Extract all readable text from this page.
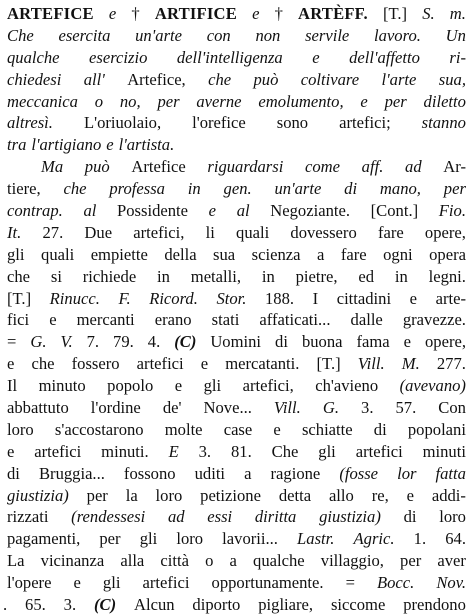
ARTEFICE e † ARTIFICE e † ARTÈFF. [T.] S. m.
Che esercita un'arte con non servile lavoro. Un
qualche esercizio dell'intelligenza e dell'affetto ri-
chiedesi all' Artefice, che può coltivare l'arte sua,
meccanica o no, per averne emolumento, e per diletto
altresì. L'oriuolaio, l'orefice sono artefici; stanno
tra l'artigiano e l'artista.
Ma può Artefice riguardarsi come aff. ad Ar-
tiere, che professa in gen. un'arte di mano, per
contrap. al Possidente e al Negoziante. [Cont.] Fio.
It. 27. Due artefici, li quali dovessero fare opere,
gli quali empiette della sua scienza a fare ogni opera
che si richiede in metalli, in pietre, ed in legni.
[T.] Rinucc. F. Ricord. Stor. 188. I cittadini e arte-
fici e mercanti erano stati affaticati... dalle gravezze.
= G. V. 7. 79. 4. (C) Uomini di buona fama e opere,
e che fossero artefici e mercatanti. [T.] Vill. M. 277.
Il minuto popolo e gli artefici, ch'avieno (avevano)
abbattuto l'ordine de' Nove... Vill. G. 3. 57. Con
loro s'accostarono molte case e schiatte di popolani
e artefici minuti. E 3. 81. Che gli artefici minuti
di Bruggia... fossono uditi a ragione (fosse lor fatta
giustizia) per la loro petizione detta allo re, e addi-
rizzati (rendessesi ad essi diritta giustizia) di loro
pagamenti, per gli loro lavorii... Lastr. Agric. 1. 64.
La vicinanza alla città o a qualche villaggio, per aver
l'opere e gli artefici opportunamente. = Bocc. Nov.
. 65. 3. (C) Alcun diporto pigliare, siccome prendono
